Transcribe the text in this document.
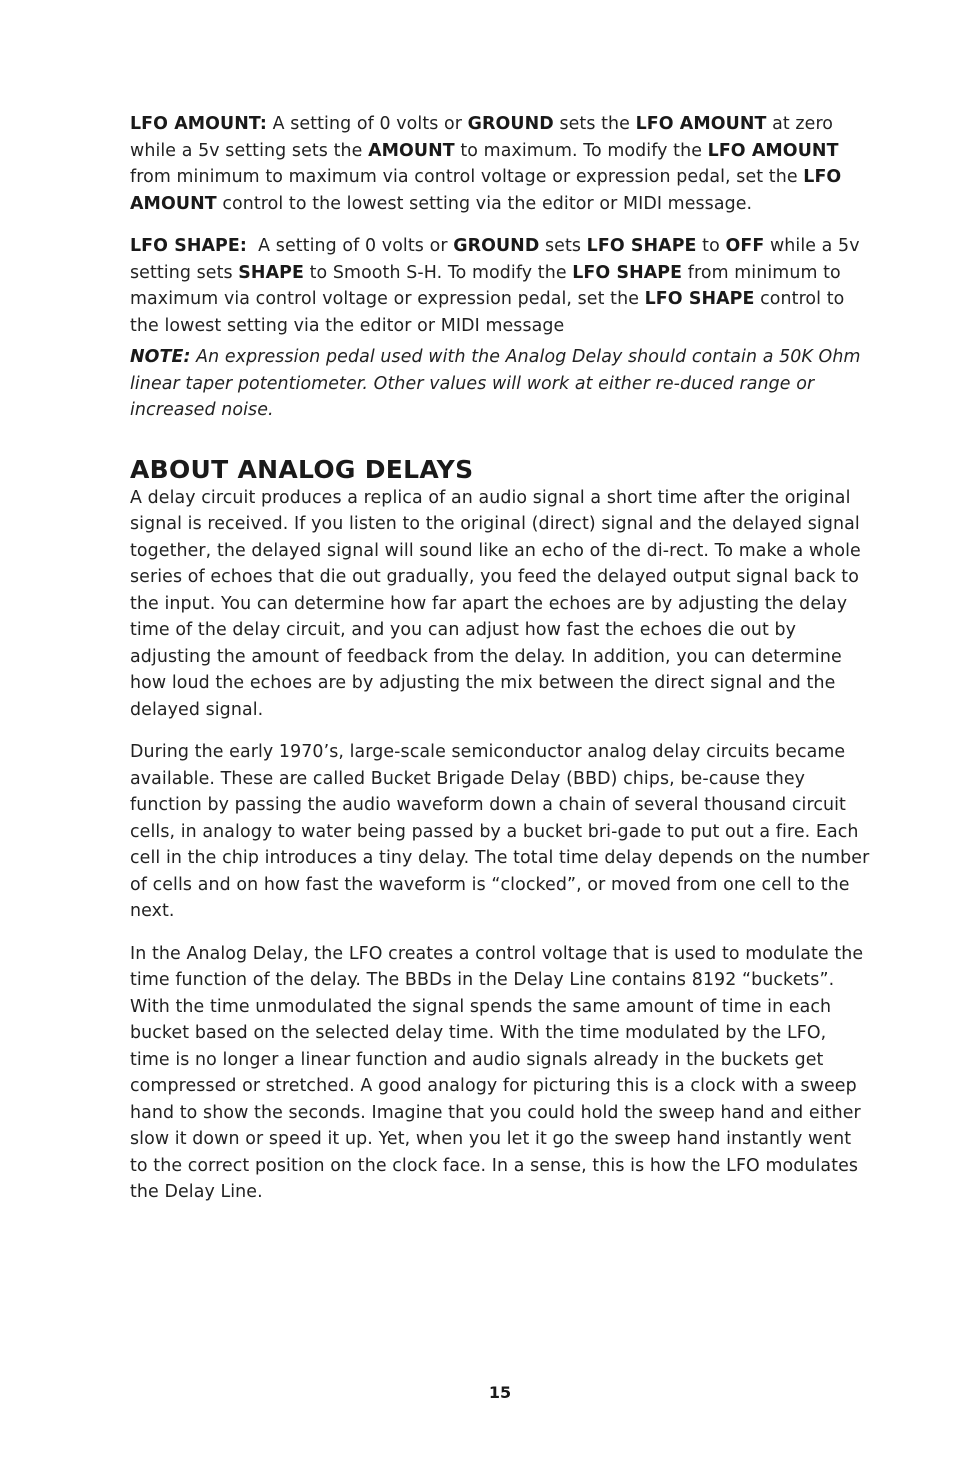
LFO AMOUNT: A setting of 0 volts or GROUND sets the LFO AMOUNT at zero while a 5v setting sets the AMOUNT to maximum. To modify the LFO AMOUNT from minimum to maximum via control voltage or expression pedal, set the LFO AMOUNT control to the lowest setting via the editor or MIDI message.

LFO SHAPE:  A setting of 0 volts or GROUND sets LFO SHAPE to OFF while a 5v setting sets SHAPE to Smooth S-H. To modify the LFO SHAPE from minimum to maximum via control voltage or expression pedal, set the LFO SHAPE control to the lowest setting via the editor or MIDI message

NOTE: An expression pedal used with the Analog Delay should contain a 50K Ohm linear taper potentiometer. Other values will work at either re-duced range or increased noise.

ABOUT ANALOG DELAYS

A delay circuit produces a replica of an audio signal a short time after the original signal is received. If you listen to the original (direct) signal and the delayed signal together, the delayed signal will sound like an echo of the di-rect. To make a whole series of echoes that die out gradually, you feed the delayed output signal back to the input. You can determine how far apart the echoes are by adjusting the delay time of the delay circuit, and you can adjust how fast the echoes die out by adjusting the amount of feedback from the delay. In addition, you can determine how loud the echoes are by adjusting the mix between the direct signal and the delayed signal.

During the early 1970’s, large-scale semiconductor analog delay circuits became available. These are called Bucket Brigade Delay (BBD) chips, be-cause they function by passing the audio waveform down a chain of several thousand circuit cells, in analogy to water being passed by a bucket bri-gade to put out a fire. Each cell in the chip introduces a tiny delay. The total time delay depends on the number of cells and on how fast the waveform is “clocked”, or moved from one cell to the next.

In the Analog Delay, the LFO creates a control voltage that is used to modulate the time function of the delay. The BBDs in the Delay Line contains 8192 “buckets”. With the time unmodulated the signal spends the same amount of time in each bucket based on the selected delay time. With the time modulated by the LFO, time is no longer a linear function and audio signals already in the buckets get compressed or stretched. A good analogy for picturing this is a clock with a sweep hand to show the seconds. Imagine that you could hold the sweep hand and either slow it down or speed it up. Yet, when you let it go the sweep hand instantly went to the correct position on the clock face. In a sense, this is how the LFO modulates the Delay Line.

15
